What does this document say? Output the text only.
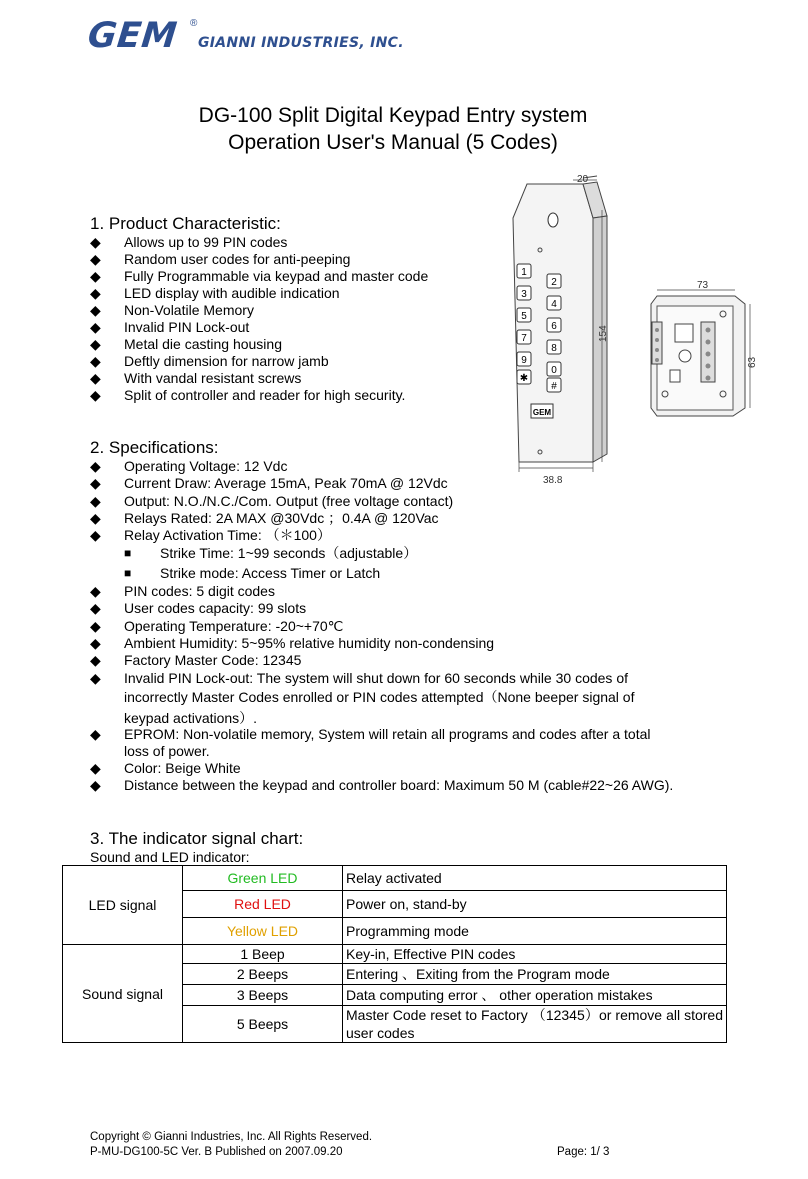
GEM ®
GIANNI INDUSTRIES, INC.
DG-100 Split Digital Keypad Entry system
Operation User's Manual (5 Codes)
1. Product Characteristic:
◆ Allows up to 99 PIN codes
◆ Random user codes for anti-peeping
◆ Fully Programmable via keypad and master code
◆ LED display with audible indication
◆ Non-Volatile Memory
◆ Invalid PIN Lock-out
◆ Metal die casting housing
◆ Deftly dimension for narrow jamb
◆ With vandal resistant screws
◆ Split of controller and reader for high security.
1
2
3
4
5
6
7
8
9
0
✱
#
GEM
20
154
38.8
73
63
2. Specifications:
◆ Operating Voltage: 12 Vdc
◆ Current Draw: Average 15mA, Peak 70mA @ 12Vdc
◆ Output: N.O./N.C./Com. Output (free voltage contact)
◆ Relays Rated: 2A MAX @30Vdc ；0.4A @ 120Vac
◆ Relay Activation Time: （＊100）
■ Strike Time: 1~99 seconds（adjustable）
■ Strike mode: Access Timer or Latch
◆ PIN codes: 5 digit codes
◆ User codes capacity: 99 slots
◆ Operating Temperature: -20~+70℃
◆ Ambient Humidity: 5~95% relative humidity non-condensing
◆ Factory Master Code: 12345
◆ Invalid PIN Lock-out: The system will shut down for 60 seconds while 30 codes of
incorrectly Master Codes enrolled or PIN codes attempted（None beeper signal of
keypad activations）.
◆ EPROM: Non-volatile memory, System will retain all programs and codes after a total
loss of power.
◆ Color: Beige White
◆ Distance between the keypad and controller board: Maximum 50 M (cable#22~26 AWG).
3. The indicator signal chart:
Sound and LED indicator:
LED signal	Green LED	Relay activated
	Red LED	Power on, stand-by
	Yellow LED	Programming mode
Sound signal	1 Beep	Key-in, Effective PIN codes
	2 Beeps	Entering 、Exiting from the Program mode
	3 Beeps	Data computing error 、 other operation mistakes
	5 Beeps	Master Code reset to Factory （12345）or remove all stored user codes
Copyright © Gianni Industries, Inc. All Rights Reserved.
P-MU-DG100-5C Ver. B Published on 2007.09.20	Page: 1/ 3
